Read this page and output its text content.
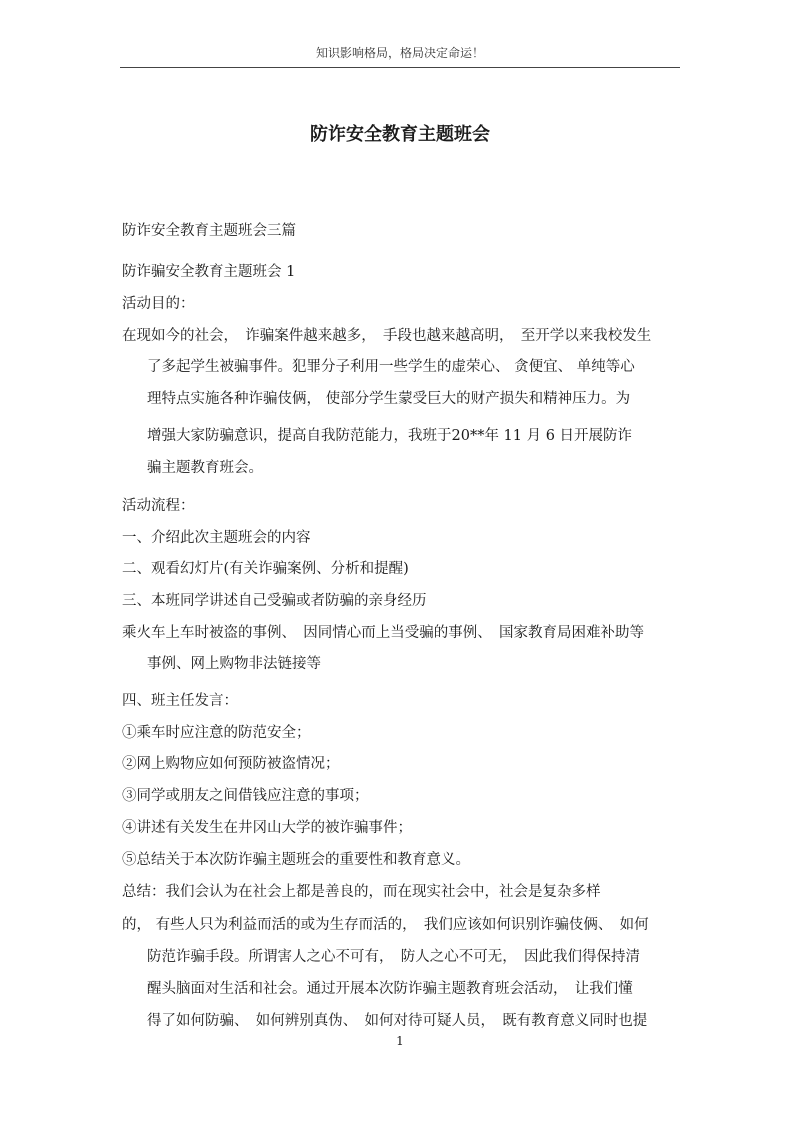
知识影响格局，格局决定命运！
防诈安全教育主题班会
防诈安全教育主题班会三篇
防诈骗安全教育主题班会 1
活动目的：
在现如今的社会，　诈骗案件越来越多，　手段也越来越高明，　至开学以来我校发生
了多起学生被骗事件。犯罪分子利用一些学生的虚荣心、 贪便宜、 单纯等心
理特点实施各种诈骗伎俩， 使部分学生蒙受巨大的财产损失和精神压力。为
增强大家防骗意识，提高自我防范能力，我班于20**年 11 月 6 日开展防诈
骗主题教育班会。
活动流程：
一、介绍此次主题班会的内容
二、观看幻灯片(有关诈骗案例、分析和提醒)
三、本班同学讲述自己受骗或者防骗的亲身经历
乘火车上车时被盗的事例、　因同情心而上当受骗的事例、　国家教育局困难补助等
事例、网上购物非法链接等
四、班主任发言：
①乘车时应注意的防范安全；
②网上购物应如何预防被盗情况；
③同学或朋友之间借钱应注意的事项；
④讲述有关发生在井冈山大学的被诈骗事件；
⑤总结关于本次防诈骗主题班会的重要性和教育意义。
总结：我们会认为在社会上都是善良的，而在现实社会中，社会是复杂多样
的， 有些人只为利益而活的或为生存而活的，　我们应该如何识别诈骗伎俩、　如何
防范诈骗手段。所谓害人之心不可有，　防人之心不可无，　因此我们得保持清
醒头脑面对生活和社会。通过开展本次防诈骗主题教育班会活动，　让我们懂
得了如何防骗、　如何辨别真伪、　如何对待可疑人员，　既有教育意义同时也提
1
